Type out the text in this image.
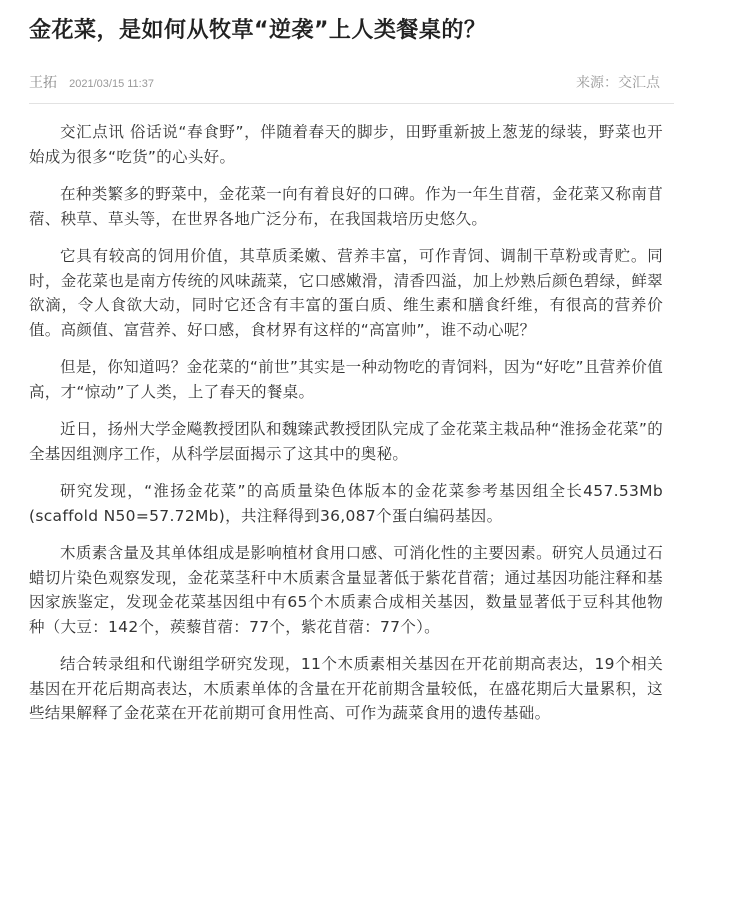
金花菜，是如何从牧草“逆袭”上人类餐桌的？
王拓 2021/03/15 11:37	来源：交汇点

交汇点讯 俗话说“春食野”，伴随着春天的脚步，田野重新披上葱茏的绿装，野菜也开始成为很多“吃货”的心头好。

在种类繁多的野菜中，金花菜一向有着良好的口碑。作为一年生苜蓿，金花菜又称南苜蓿、秧草、草头等，在世界各地广泛分布，在我国栽培历史悠久。

它具有较高的饲用价值，其草质柔嫩、营养丰富，可作青饲、调制干草粉或青贮。同时，金花菜也是南方传统的风味蔬菜，它口感嫩滑，清香四溢，加上炒熟后颜色碧绿，鲜翠欲滴，令人食欲大动，同时它还含有丰富的蛋白质、维生素和膳食纤维，有很高的营养价值。高颜值、富营养、好口感，食材界有这样的“高富帅”，谁不动心呢？

但是，你知道吗？金花菜的“前世”其实是一种动物吃的青饲料，因为“好吃”且营养价值高，才“惊动”了人类，上了春天的餐桌。

近日，扬州大学金飚教授团队和魏臻武教授团队完成了金花菜主栽品种“淮扬金花菜”的全基因组测序工作，从科学层面揭示了这其中的奥秘。

研究发现，“淮扬金花菜”的高质量染色体版本的金花菜参考基因组全长457.53Mb (scaffold N50=57.72Mb)，共注释得到36,087个蛋白编码基因。

木质素含量及其单体组成是影响植材食用口感、可消化性的主要因素。研究人员通过石蜡切片染色观察发现，金花菜茎秆中木质素含量显著低于紫花苜蓿；通过基因功能注释和基因家族鉴定，发现金花菜基因组中有65个木质素合成相关基因，数量显著低于豆科其他物种（大豆：142个，蒺藜苜蓿：77个，紫花苜蓿：77个）。

结合转录组和代谢组学研究发现，11个木质素相关基因在开花前期高表达，19个相关基因在开花后期高表达，木质素单体的含量在开花前期含量较低，在盛花期后大量累积，这些结果解释了金花菜在开花前期可食用性高、可作为蔬菜食用的遗传基础。
